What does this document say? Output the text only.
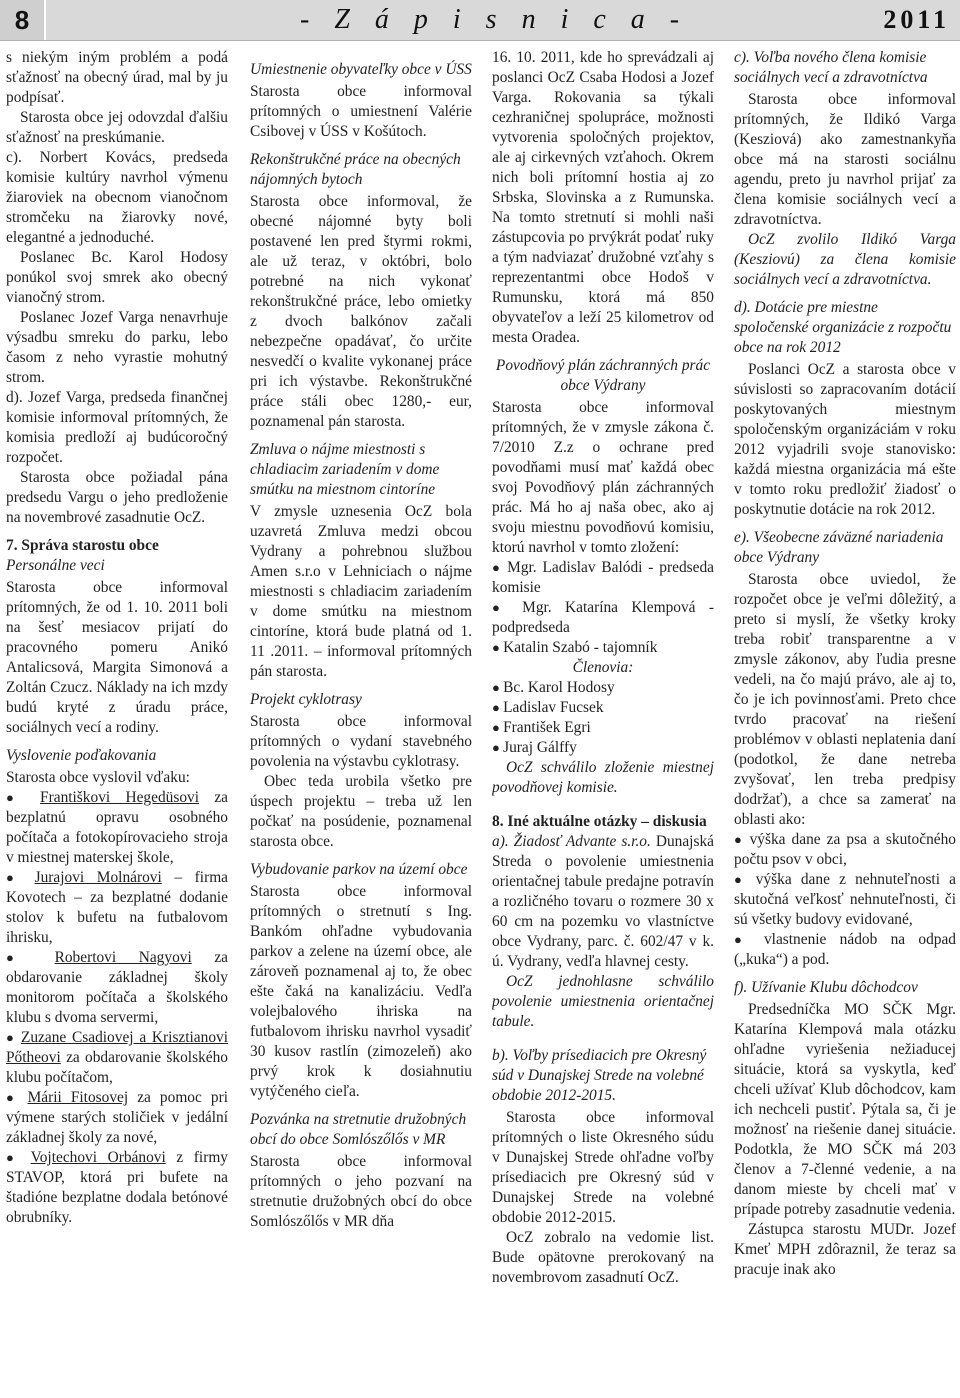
8	- Z á p i s n i c a -	2011

s niekým iným problém a podá sťažnosť na obecný úrad, mal by ju podpísať.

Starosta obce jej odovzdal ďalšiu sťažnosť na preskúmanie.

c). Norbert Kovács, predseda komisie kultúry navrhol výmenu žiaroviek na obecnom vianočnom stromčeku na žiarovky nové, elegantné a jednoduché.

Poslanec Bc. Karol Hodosy ponúkol svoj smrek ako obecný vianočný strom.

Poslanec Jozef Varga nenavrhuje výsadbu smreku do parku, lebo časom z neho vyrastie mohutný strom.

d). Jozef Varga, predseda finančnej komisie informoval prítomných, že komisia predloží aj budúcoročný rozpočet.

Starosta obce požiadal pána predsedu Vargu o jeho predloženie na novembrové zasadnutie OcZ.

7. Správa starostu obce

Personálne veci

Starosta obce informoval prítomných, že od 1. 10. 2011 boli na šesť mesiacov prijatí do pracovného pomeru Anikó Antalicsová, Margita Simonová a Zoltán Czucz. Náklady na ich mzdy budú kryté z úradu práce, sociálnych vecí a rodiny.

Vyslovenie poďakovania

Starosta obce vyslovil vďaku:

● Františkovi Hegedüsovi za bezplatnú opravu osobného počítača a fotokopírovacieho stroja v miestnej materskej škole,

● Jurajovi Molnárovi – firma Kovotech – za bezplatné dodanie stolov k bufetu na futbalovom ihrisku,

● Robertovi Nagyovi za obdarovanie základnej školy monitorom počítača a školského klubu s dvoma servermi,

● Zuzane Csadiovej a Krisztianovi Pőtheovi za obdarovanie školského klubu počítačom,

● Márii Fitosovej za pomoc pri výmene starých stoličiek v jedální základnej školy za nové,

● Vojtechovi Orbánovi z firmy STAVOP, ktorá pri bufete na štadióne bezplatne dodala betónové obrubníky.

Umiestnenie obyvateľky obce v ÚSS

Starosta obce informoval prítomných o umiestnení Valérie Csibovej v ÚSS v Košútoch.

Rekonštrukčné práce na obecných nájomných bytoch

Starosta obce informoval, že obecné nájomné byty boli postavené len pred štyrmi rokmi, ale už teraz, v októbri, bolo potrebné na nich vykonať rekonštrukčné práce, lebo omietky z dvoch balkónov začali nebezpečne opadávať, čo určite nesvedčí o kvalite vykonanej práce pri ich výstavbe. Rekonštrukčné práce stáli obec 1280,- eur, poznamenal pán starosta.

Zmluva o nájme miestnosti s chladiacim zariadením v dome smútku na miestnom cintoríne

V zmysle uznesenia OcZ bola uzavretá Zmluva medzi obcou Vydrany a pohrebnou službou Amen s.r.o v Lehniciach o nájme miestnosti s chladiacim zariadením v dome smútku na miestnom cintoríne, ktorá bude platná od 1. 11 .2011. – informoval prítomných pán starosta.

Projekt cyklotrasy

Starosta obce informoval prítomných o vydaní stavebného povolenia na výstavbu cyklotrasy.

Obec teda urobila všetko pre úspech projektu – treba už len počkať na posúdenie, poznamenal starosta obce.

Vybudovanie parkov na území obce

Starosta obce informoval prítomných o stretnutí s Ing. Bankóm ohľadne vybudovania parkov a zelene na území obce, ale zároveň poznamenal aj to, že obec ešte čaká na kanalizáciu. Vedľa volejbalového ihriska na futbalovom ihrisku navrhol vysadiť 30 kusov rastlín (zimozeleň) ako prvý krok k dosiahnutiu vytýčeného cieľa.

Pozvánka na stretnutie družobných obcí do obce Somlószőlős v MR

Starosta obce informoval prítomných o jeho pozvaní na stretnutie družobných obcí do obce Somlószőlős v MR dňa

16. 10. 2011, kde ho sprevádzali aj poslanci OcZ Csaba Hodosi a Jozef Varga. Rokovania sa týkali cezhraničnej spolupráce, možnosti vytvorenia spoločných projektov, ale aj cirkevných vzťahoch. Okrem nich boli prítomní hostia aj zo Srbska, Slovinska a z Rumunska. Na tomto stretnutí si mohli naši zástupcovia po prvýkrát podať ruky a tým nadviazať družobné vzťahy s reprezentantmi obce Hodoš v Rumunsku, ktorá má 850 obyvateľov a leží 25 kilometrov od mesta Oradea.

Povodňový plán záchranných prác obce Výdrany

Starosta obce informoval prítomných, že v zmysle zákona č. 7/2010 Z.z o ochrane pred povodňami musí mať každá obec svoj Povodňový plán záchranných prác. Má ho aj naša obec, ako aj svoju miestnu povodňovú komisiu, ktorú navrhol v tomto zložení:

● Mgr. Ladislav Balódi - predseda komisie

● Mgr. Katarína Klempová - podpredseda

● Katalin Szabó - tajomník

Členovia:

● Bc. Karol Hodosy

● Ladislav Fucsek

● František Egri

● Juraj Gálffy

OcZ schválilo zloženie miestnej povodňovej komisie.

8. Iné aktuálne otázky – diskusia

a). Žiadosť Advante s.r.o. Dunajská Streda o povolenie umiestnenia orientačnej tabule predajne potravín a rozličného tovaru o rozmere 30 x 60 cm na pozemku vo vlastníctve obce Vydrany, parc. č. 602/47 v k. ú. Vydrany, vedľa hlavnej cesty.

OcZ jednohlasne schválilo povolenie umiestnenia orientačnej tabule.

b). Voľby prísediacich pre Okresný súd v Dunajskej Strede na volebné obdobie 2012-2015.

Starosta obce informoval prítomných o liste Okresného súdu v Dunajskej Strede ohľadne voľby prísediacich pre Okresný súd v Dunajskej Strede na volebné obdobie 2012-2015.

OcZ zobralo na vedomie list. Bude opätovne prerokovaný na novembrovom zasadnutí OcZ.

c). Voľba nového člena komisie sociálnych vecí a zdravotníctva

Starosta obce informoval prítomných, že Ildikó Varga (Kesziová) ako zamestnankyňa obce má na starosti sociálnu agendu, preto ju navrhol prijať za člena komisie sociálnych vecí a zdravotníctva.

OcZ zvolilo Ildikó Varga (Kesziovú) za člena komisie sociálnych vecí a zdravotníctva.

d). Dotácie pre miestne spoločenské organizácie z rozpočtu obce na rok 2012

Poslanci OcZ a starosta obce v súvislosti so zapracovaním dotácií poskytovaných miestnym spoločenským organizáciám v roku 2012 vyjadrili svoje stanovisko: každá miestna organizácia má ešte v tomto roku predložiť žiadosť o poskytnutie dotácie na rok 2012.

e). Všeobecne záväzné nariadenia obce Výdrany

Starosta obce uviedol, že rozpočet obce je veľmi dôležitý, a preto si myslí, že všetky kroky treba robiť transparentne a v zmysle zákonov, aby ľudia presne vedeli, na čo majú právo, ale aj to, čo je ich povinnosťami. Preto chce tvrdo pracovať na riešení problémov v oblasti neplatenia daní (podotkol, že dane netreba zvyšovať, len treba predpisy dodržať), a chce sa zamerať na oblasti ako:

● výška dane za psa a skutočného počtu psov v obci,

● výška dane z nehnuteľnosti a skutočná veľkosť nehnuteľnosti, či sú všetky budovy evidované,

● vlastnenie nádob na odpad („kuka“) a pod.

f). Užívanie Klubu dôchodcov

Predsedníčka MO SČK Mgr. Katarína Klempová mala otázku ohľadne vyriešenia nežiaducej situácie, ktorá sa vyskytla, keď chceli užívať Klub dôchodcov, kam ich nechceli pustiť. Pýtala sa, či je možnosť na riešenie danej situácie. Podotkla, že MO SČK má 203 členov a 7-členné vedenie, a na danom mieste by chceli mať v prípade potreby zasadnutie vedenia.

Zástupca starostu MUDr. Jozef Kmeť MPH zdôraznil, že teraz sa pracuje inak ako
